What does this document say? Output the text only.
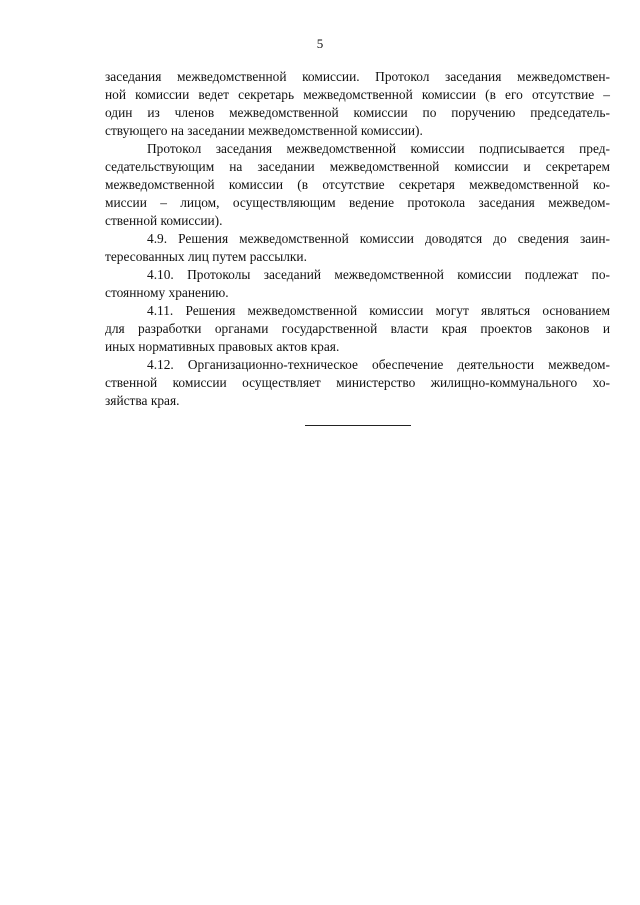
5
заседания межведомственной комиссии. Протокол заседания межведомствен-
ной комиссии ведет секретарь межведомственной комиссии (в его отсутствие –
один из членов межведомственной комиссии по поручению председатель-
ствующего на заседании межведомственной комиссии).
Протокол заседания межведомственной комиссии подписывается пред-
седательствующим на заседании межведомственной комиссии и секретарем
межведомственной комиссии (в отсутствие секретаря межведомственной ко-
миссии – лицом, осуществляющим ведение протокола заседания межведом-
ственной комиссии).
4.9. Решения межведомственной комиссии доводятся до сведения заин-
тересованных лиц путем рассылки.
4.10. Протоколы заседаний межведомственной комиссии подлежат по-
стоянному хранению.
4.11. Решения межведомственной комиссии могут являться основанием
для разработки органами государственной власти края проектов законов и
иных нормативных правовых актов края.
4.12. Организационно-техническое обеспечение деятельности межведом-
ственной комиссии осуществляет министерство жилищно-коммунального хо-
зяйства края.
